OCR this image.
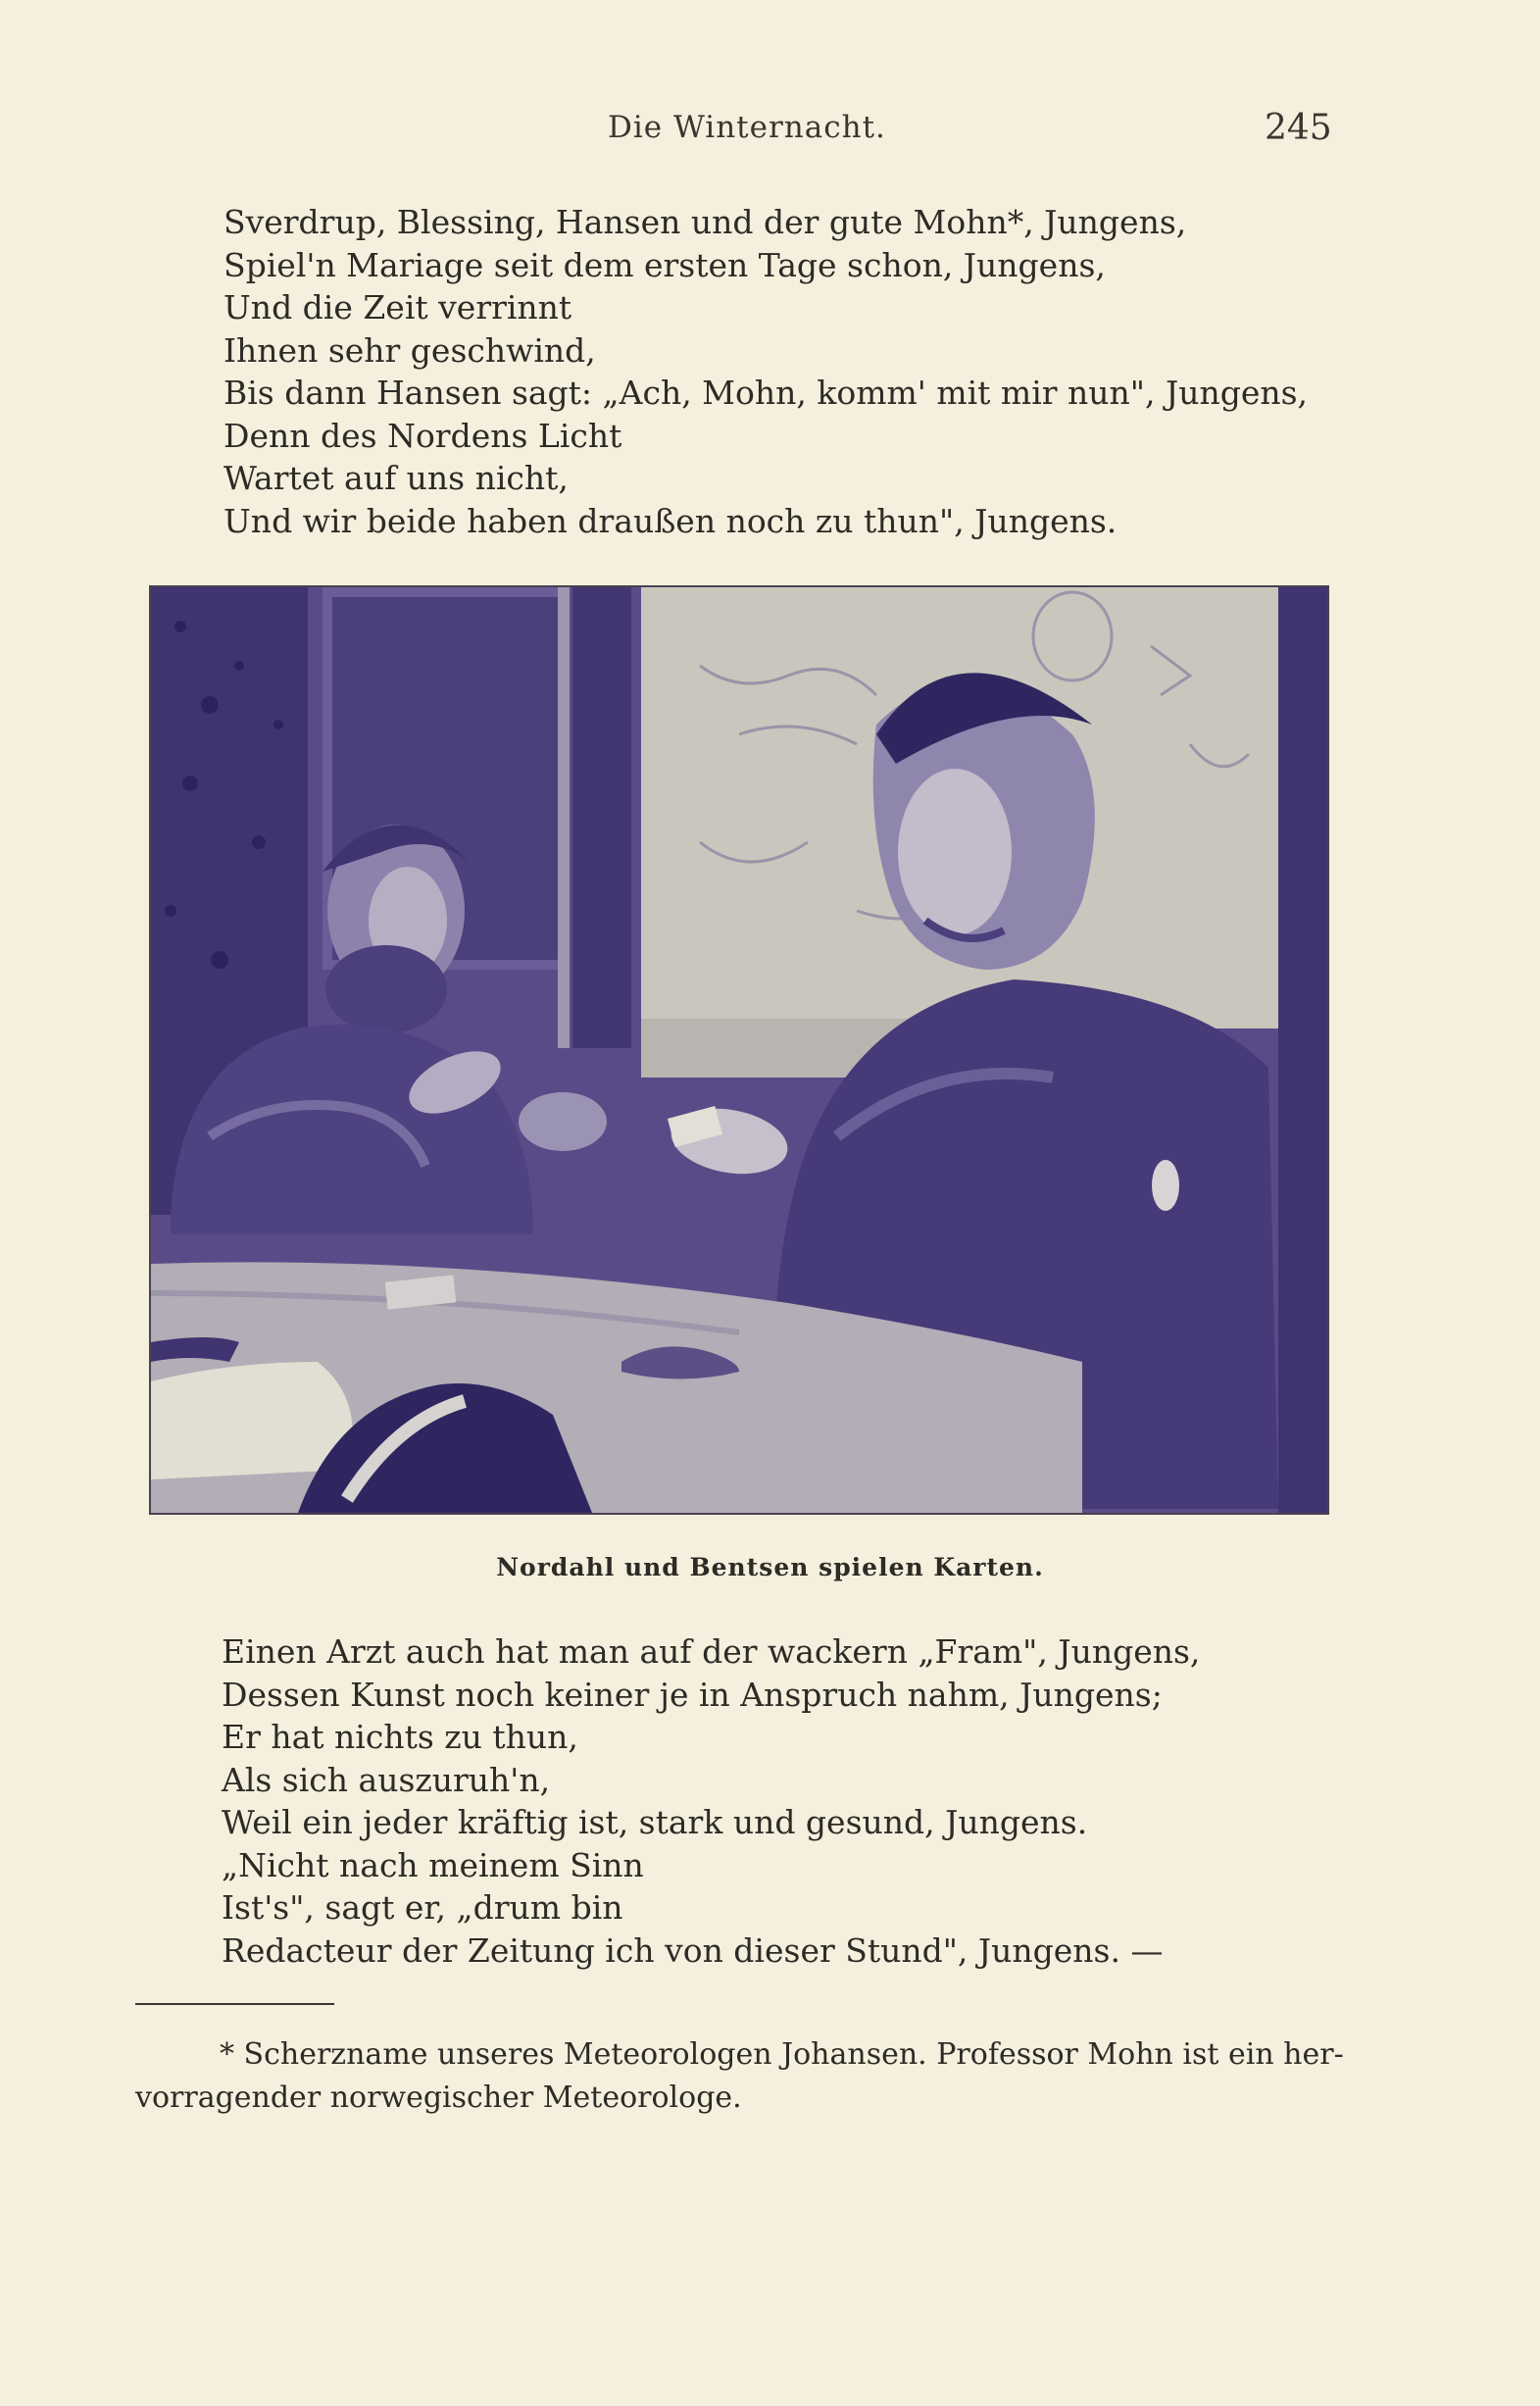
Die Winternacht.	245
Sverdrup, Blessing, Hansen und der gute Mohn*, Jungens,
Spiel'n Mariage seit dem ersten Tage schon, Jungens,
Und die Zeit verrinnt
Ihnen sehr geschwind,
Bis dann Hansen sagt: „Ach, Mohn, komm' mit mir nun", Jungens,
Denn des Nordens Licht
Wartet auf uns nicht,
Und wir beide haben draußen noch zu thun", Jungens.
Nordahl und Bentsen spielen Karten.
Einen Arzt auch hat man auf der wackern „Fram", Jungens,
Dessen Kunst noch keiner je in Anspruch nahm, Jungens;
Er hat nichts zu thun,
Als sich auszuruh'n,
Weil ein jeder kräftig ist, stark und gesund, Jungens.
„Nicht nach meinem Sinn
Ist's", sagt er, „drum bin
Redacteur der Zeitung ich von dieser Stund", Jungens. —
* Scherzname unseres Meteorologen Johansen. Professor Mohn ist ein her-
vorragender norwegischer Meteorologe.
